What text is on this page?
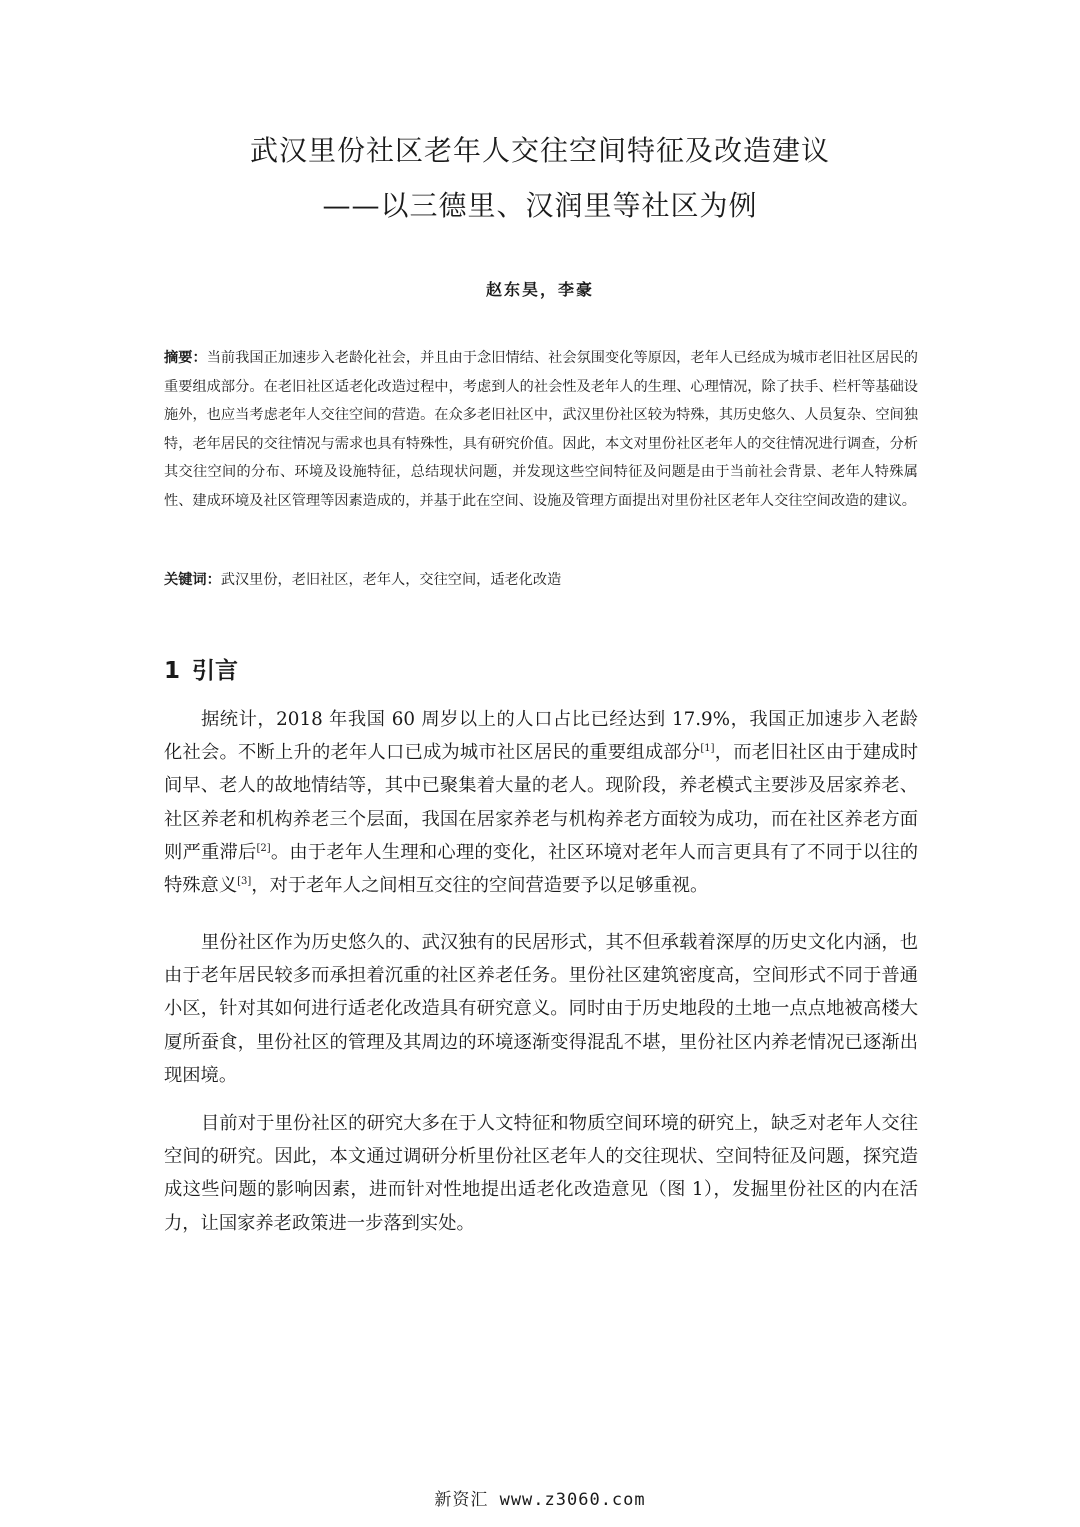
武汉里份社区老年人交往空间特征及改造建议
——以三德里、汉润里等社区为例
赵东昊，李豪
摘要：当前我国正加速步入老龄化社会，并且由于念旧情结、社会氛围变化等原因，老年人已经成为城市老旧社区居民的重要组成部分。在老旧社区适老化改造过程中，考虑到人的社会性及老年人的生理、心理情况，除了扶手、栏杆等基础设施外，也应当考虑老年人交往空间的营造。在众多老旧社区中，武汉里份社区较为特殊，其历史悠久、人员复杂、空间独特，老年居民的交往情况与需求也具有特殊性，具有研究价值。因此，本文对里份社区老年人的交往情况进行调查，分析其交往空间的分布、环境及设施特征，总结现状问题，并发现这些空间特征及问题是由于当前社会背景、老年人特殊属性、建成环境及社区管理等因素造成的，并基于此在空间、设施及管理方面提出对里份社区老年人交往空间改造的建议。
关键词：武汉里份，老旧社区，老年人，交往空间，适老化改造
1 引言

据统计，2018 年我国 60 周岁以上的人口占比已经达到 17.9%，我国正加速步入老龄化社会。不断上升的老年人口已成为城市社区居民的重要组成部分[1]，而老旧社区由于建成时间早、老人的故地情结等，其中已聚集着大量的老人。现阶段，养老模式主要涉及居家养老、社区养老和机构养老三个层面，我国在居家养老与机构养老方面较为成功，而在社区养老方面则严重滞后[2]。由于老年人生理和心理的变化，社区环境对老年人而言更具有了不同于以往的特殊意义[3]，对于老年人之间相互交往的空间营造要予以足够重视。

里份社区作为历史悠久的、武汉独有的民居形式，其不但承载着深厚的历史文化内涵，也由于老年居民较多而承担着沉重的社区养老任务。里份社区建筑密度高，空间形式不同于普通小区，针对其如何进行适老化改造具有研究意义。同时由于历史地段的土地一点点地被高楼大厦所蚕食，里份社区的管理及其周边的环境逐渐变得混乱不堪，里份社区内养老情况已逐渐出现困境。

目前对于里份社区的研究大多在于人文特征和物质空间环境的研究上，缺乏对老年人交往空间的研究。因此，本文通过调研分析里份社区老年人的交往现状、空间特征及问题，探究造成这些问题的影响因素，进而针对性地提出适老化改造意见（图 1），发掘里份社区的内在活力，让国家养老政策进一步落到实处。

新资汇 www.z3060.com
